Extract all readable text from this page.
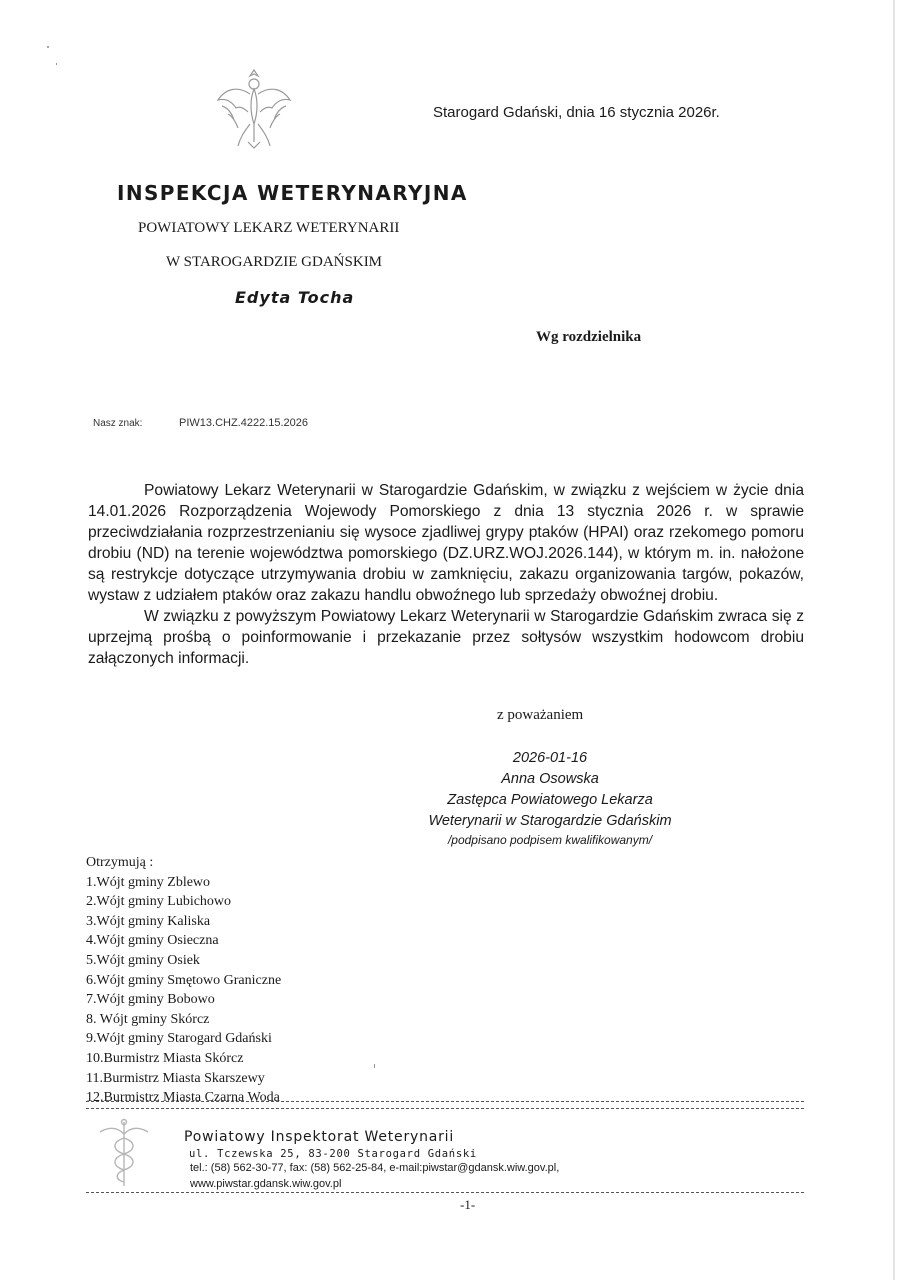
Starogard Gdański, dnia 16 stycznia 2026r.
INSPEKCJA WETERYNARYJNA
POWIATOWY LEKARZ WETERYNARII
W STAROGARDZIE GDAŃSKIM
Edyta Tocha
Wg rozdzielnika
Nasz znak:	PIW13.CHZ.4222.15.2026

Powiatowy Lekarz Weterynarii w Starogardzie Gdańskim, w związku z wejściem w życie dnia 14.01.2026 Rozporządzenia Wojewody Pomorskiego z dnia 13 stycznia 2026 r. w sprawie przeciwdziałania rozprzestrzenianiu się wysoce zjadliwej grypy ptaków (HPAI) oraz rzekomego pomoru drobiu (ND) na terenie województwa pomorskiego (DZ.URZ.WOJ.2026.144), w którym m. in. nałożone są restrykcje dotyczące utrzymywania drobiu w zamknięciu, zakazu organizowania targów, pokazów, wystaw z udziałem ptaków oraz zakazu handlu obwoźnego lub sprzedaży obwoźnej drobiu.

W związku z powyższym Powiatowy Lekarz Weterynarii w Starogardzie Gdańskim zwraca się z uprzejmą prośbą o poinformowanie i przekazanie przez sołtysów wszystkim hodowcom drobiu załączonych informacji.

z poważaniem
2026-01-16
Anna Osowska
Zastępca Powiatowego Lekarza
Weterynarii w Starogardzie Gdańskim
/podpisano podpisem kwalifikowanym/
Otrzymują :
1.Wójt gminy Zblewo
2.Wójt gminy Lubichowo
3.Wójt gminy Kaliska
4.Wójt gminy Osieczna
5.Wójt gminy Osiek
6.Wójt gminy Smętowo Graniczne
7.Wójt gminy Bobowo
8. Wójt gminy Skórcz
9.Wójt gminy Starogard Gdański
10.Burmistrz Miasta Skórcz
11.Burmistrz Miasta Skarszewy
12.Burmistrz Miasta Czarna Woda
Powiatowy Inspektorat Weterynarii
ul. Tczewska 25, 83-200 Starogard Gdański
tel.: (58) 562-30-77, fax: (58) 562-25-84, e-mail:piwstar@gdansk.wiw.gov.pl,
www.piwstar.gdansk.wiw.gov.pl
-1-
